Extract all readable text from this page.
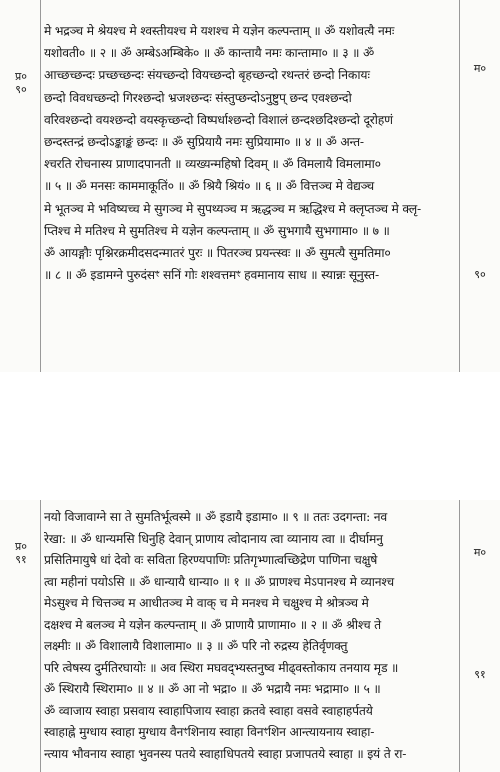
प्र०
९०
म०
९०
मे भद्रञ्च मे श्रेयश्च मे श्वस्तीयश्च मे यशश्च मे यज्ञेन कल्पन्ताम् ॥ ॐ यशोवत्यै नमः
यशोवती० ॥ २ ॥ ॐ अम्बेऽअम्बिके० ॥ ॐ कान्तायै नमः कान्तामा० ॥ ३ ॥ ॐ
आच्छच्छन्दः प्रच्छच्छन्दः संयच्छन्दो वियच्छन्दो बृहच्छन्दो रथन्तरं छन्दो निकायः
छन्दो विवधच्छन्दो गिरश्छन्दो भ्रजश्छन्दः संस्तुप्छन्दोऽनुष्टुप् छन्द एवश्छन्दो
वरिवश्छन्दो वयश्छन्दो वयस्कृच्छन्दो विष्पर्धाश्छन्दो विशालं छन्दश्छदिश्छन्दो दूरोहणं
छन्दस्तन्द्रं छन्दोऽङ्काङ्कं छन्दः ॥ ॐ सुप्रियायै नमः सुप्रियामा० ॥ ४ ॥ ॐ अन्त-
श्चरति रोचनास्य प्राणादपानती ॥ व्यख्यन्महिषो दिवम् ॥ ॐ विमलायै विमलामा०
॥ ५ ॥ ॐ मनसः काममाकूतिं० ॥ ॐ श्रियै श्रियं० ॥ ६ ॥ ॐ वित्तञ्च मे वेद्यञ्च
मे भूतञ्च मे भविष्यच्च मे सुगञ्च मे सुपथ्यञ्च म ऋद्धञ्च म ऋद्धिश्च मे क्लृप्तञ्च मे क्लृ-
प्तिश्च मे मतिश्च मे सुमतिश्च मे यज्ञेन कल्पन्ताम् ॥ ॐ सुभगायै सुभगामा० ॥ ७ ॥
ॐ आयङ्गौः पृश्निरक्रमीदसदन्मातरं पुरः ॥ पितरञ्च प्रयन्त्स्वः ॥ ॐ सुमत्यै सुमतिमा०
॥ ८ ॥ ॐ इडामग्ने पुरुदंसꣳ सनिं गोः शश्वत्तमꣳ हवमानाय साध ॥ स्यान्नः सूनुस्त-
प्र०
९१
म०
९१
नयो विजावाग्ने सा ते सुमतिर्भूत्वस्मे ॥ ॐ इडायै इडामा० ॥ ९ ॥ ततः उदगन्ता: नव
रेखा: ॥ ॐ धान्यमसि धिनुहि देवान् प्राणाय त्वोदानाय त्वा व्यानाय त्वा ॥ दीर्घामनु
प्रसितिमायुषे धां देवो वः सविता हिरण्यपाणिः प्रतिगृभ्णात्वच्छिद्रेण पाणिना चक्षुषे
त्वा महीनां पयोऽसि ॥ ॐ धान्यायै धान्या० ॥ १ ॥ ॐ प्राणश्च मेऽपानश्च मे व्यानश्च
मेऽसुश्च मे चित्तञ्च म आधीतञ्च मे वाक् च मे मनश्च मे चक्षुश्च मे श्रोत्रञ्च मे
दक्षश्च मे बलञ्च मे यज्ञेन कल्पन्ताम् ॥ ॐ प्राणायै प्राणामा० ॥ २ ॥ ॐ श्रीश्च ते
लक्ष्मीः ॥ ॐ विशालायै विशालामा० ॥ ३ ॥ ॐ परि नो रुद्रस्य हेतिर्वृणक्तु
परि त्वेषस्य दुर्मतिरघायोः ॥ अव स्थिरा मघवद्भ्यस्तनुष्व मीढ्वस्तोकाय तनयाय मृड ॥
ॐ स्थिरायै स्थिरामा० ॥ ४ ॥ ॐ आ नो भद्रा० ॥ ॐ भद्रायै नमः भद्रामा० ॥ ५ ॥
ॐ व्वाजाय स्वाहा प्रसवाय स्वाहापिजाय स्वाहा क्रतवे स्वाहा वसवे स्वाहाहर्पतये
स्वाहाह्ने मुग्धाय स्वाहा मुग्धाय वैनꣳशिनाय स्वाहा विनꣳशिन आन्त्यायनाय स्वाहा-
न्त्याय भौवनाय स्वाहा भुवनस्य पतये स्वाहाधिपतये स्वाहा प्रजापतये स्वाहा ॥ इयं ते रा-
